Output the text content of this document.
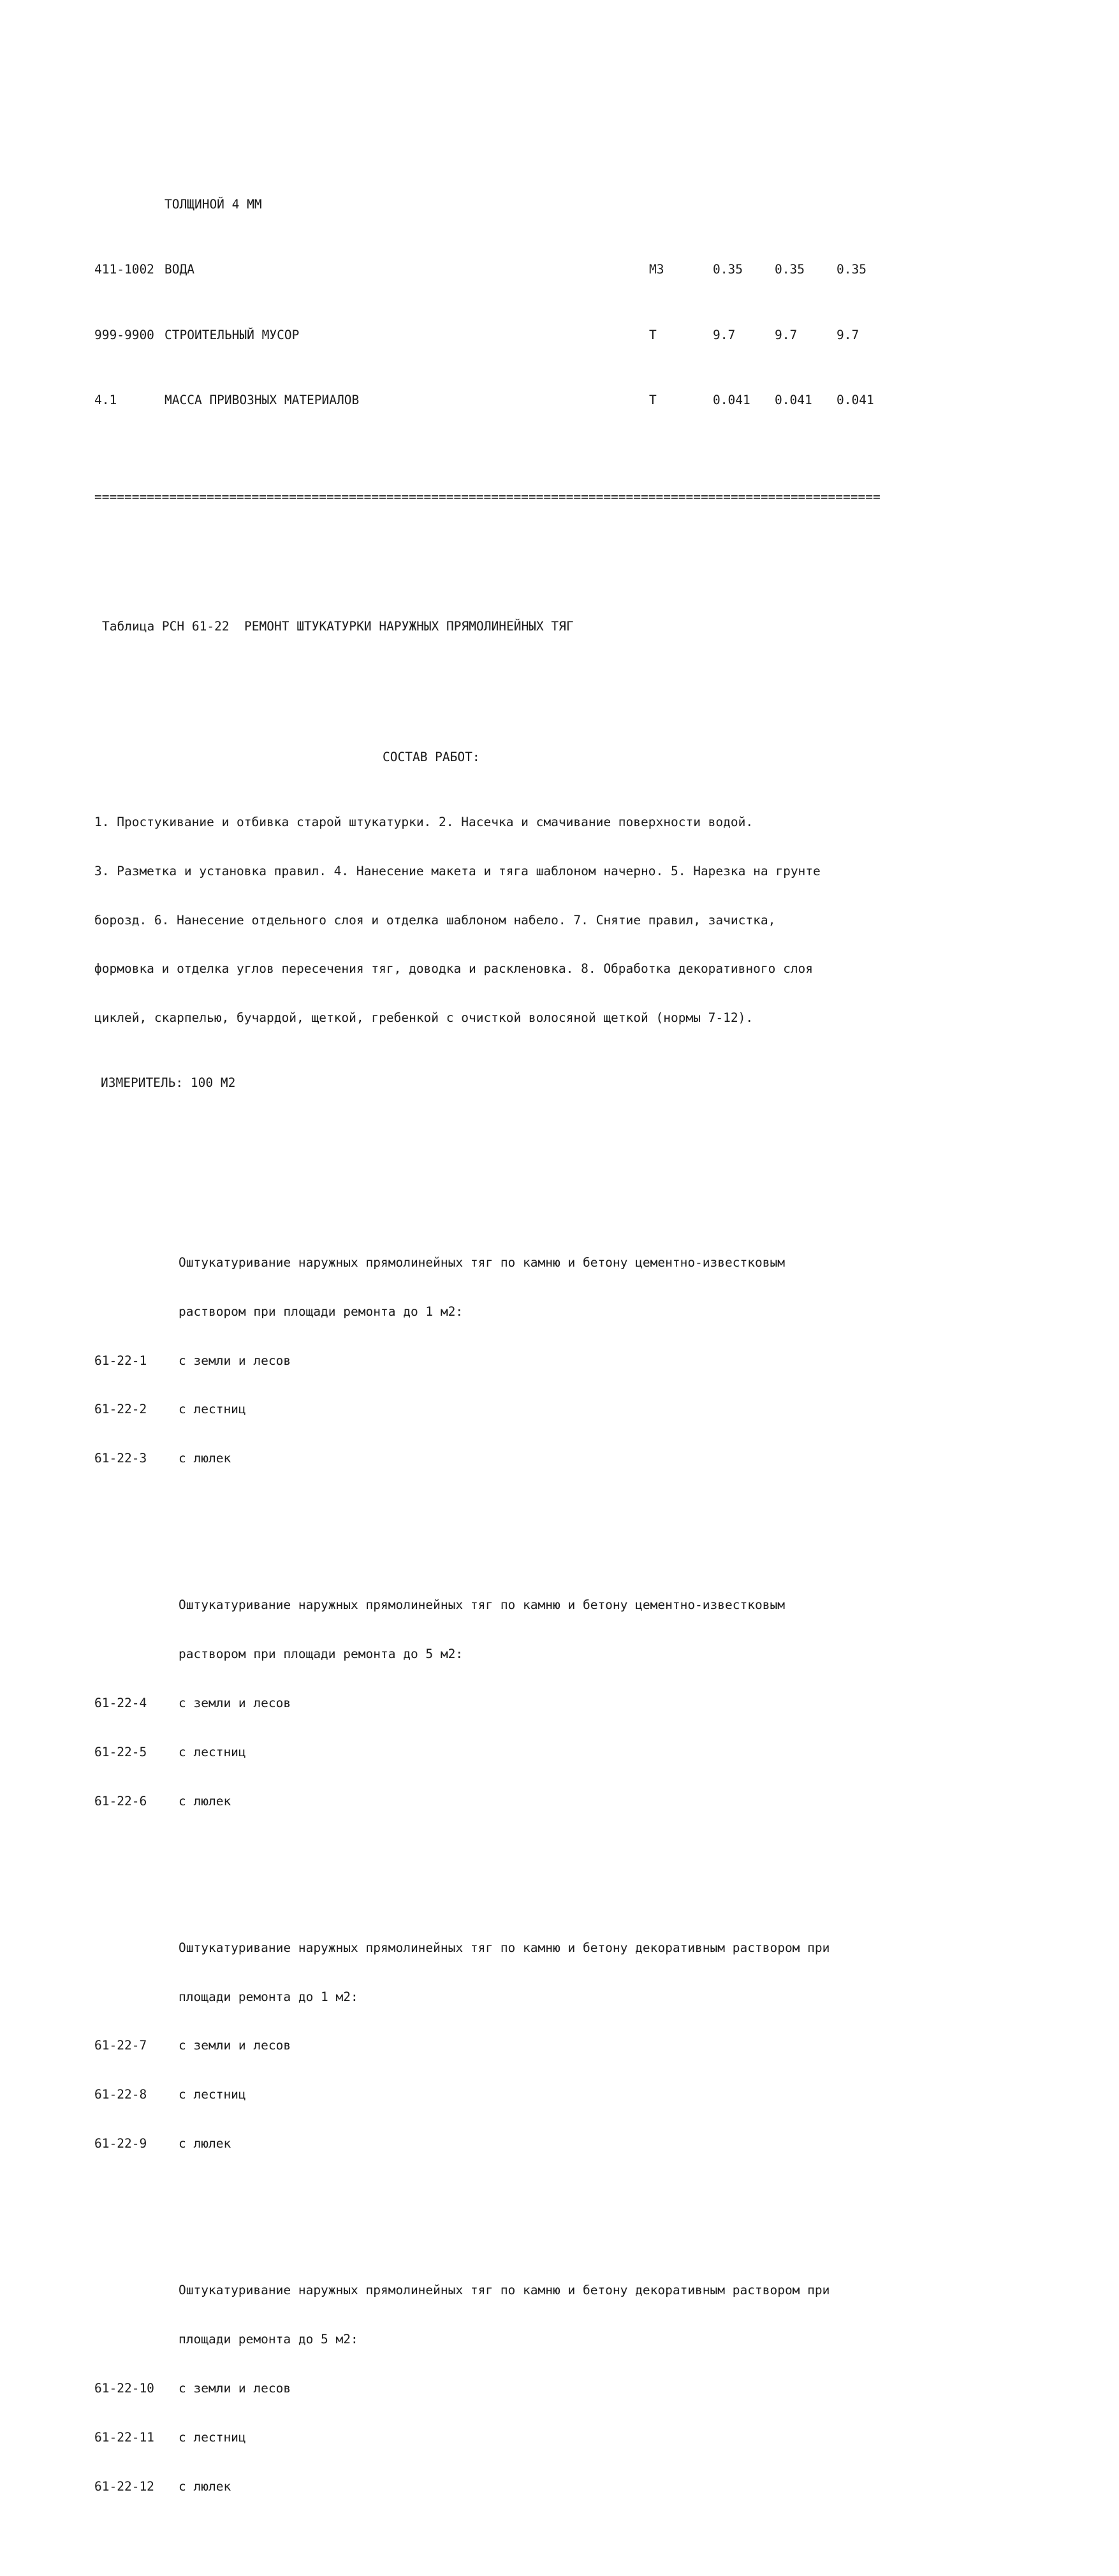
ТОЛЩИНОЙ 4 ММ

411-1002 ВОДА	М3	0.35	0.35	0.35

999-9900 СТРОИТЕЛЬНЫЙ МУСОР	Т	9.7	9.7	9.7

4.1	МАССА ПРИВОЗНЫХ МАТЕРИАЛОВ	Т	0.041 0.041 0.041

=========================================================================================================

Таблица РСН 61-22  РЕМОНТ ШТУКАТУРКИ НАРУЖНЫХ ПРЯМОЛИНЕЙНЫХ ТЯГ

СОСТАВ РАБОТ:

1. Простукивание и отбивка старой штукатурки. 2. Насечка и смачивание поверхности водой.

3. Разметка и установка правил. 4. Нанесение макета и тяга шаблоном начерно. 5. Нарезка на грунте

борозд. 6. Нанесение отдельного слоя и отделка шаблоном набело. 7. Снятие правил, зачистка,

формовка и отделка углов пересечения тяг, доводка и раскленовка. 8. Обработка декоративного слоя

циклей, скарпелью, бучардой, щеткой, гребенкой с очисткой волосяной щеткой (нормы 7-12).

ИЗМЕРИТЕЛЬ: 100 М2

Оштукатуривание наружных прямолинейных тяг по камню и бетону цементно-известковым

раствором при площади ремонта до 1 м2:

61-22-1	с земли и лесов

61-22-2	с лестниц

61-22-3	с люлек

Оштукатуривание наружных прямолинейных тяг по камню и бетону цементно-известковым

раствором при площади ремонта до 5 м2:

61-22-4	с земли и лесов

61-22-5	с лестниц

61-22-6	с люлек

Оштукатуривание наружных прямолинейных тяг по камню и бетону декоративным раствором при

площади ремонта до 1 м2:

61-22-7	с земли и лесов

61-22-8	с лестниц

61-22-9	с люлек

Оштукатуривание наружных прямолинейных тяг по камню и бетону декоративным раствором при

площади ремонта до 5 м2:

61-22-10 с земли и лесов

61-22-11 с лестниц

61-22-12 с люлек
